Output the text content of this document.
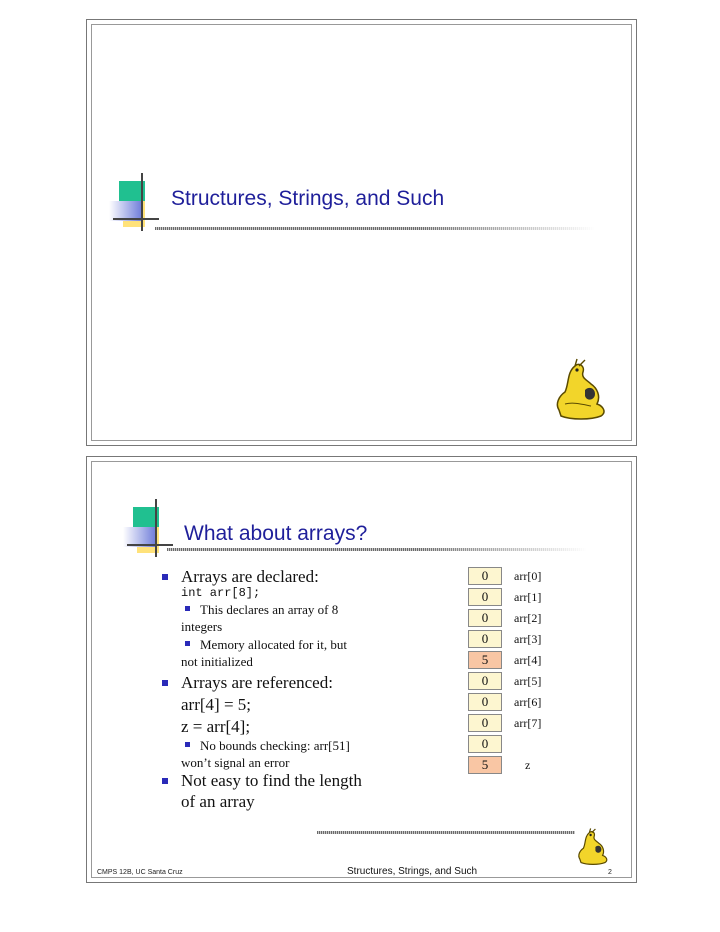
Structures, Strings, and Such
What about arrays?
Arrays are declared:
int arr[8];
This declares an array of 8
integers
Memory allocated for it, but
not initialized
Arrays are referenced:
arr[4] = 5;
z = arr[4];
No bounds checking: arr[51]
won’t signal an error
Not easy to find the length
of an array
0	arr[0]
0	arr[1]
0	arr[2]
0	arr[3]
5	arr[4]
0	arr[5]
0	arr[6]
0	arr[7]
0
5	z
CMPS 12B, UC Santa Cruz	Structures, Strings, and Such	2
